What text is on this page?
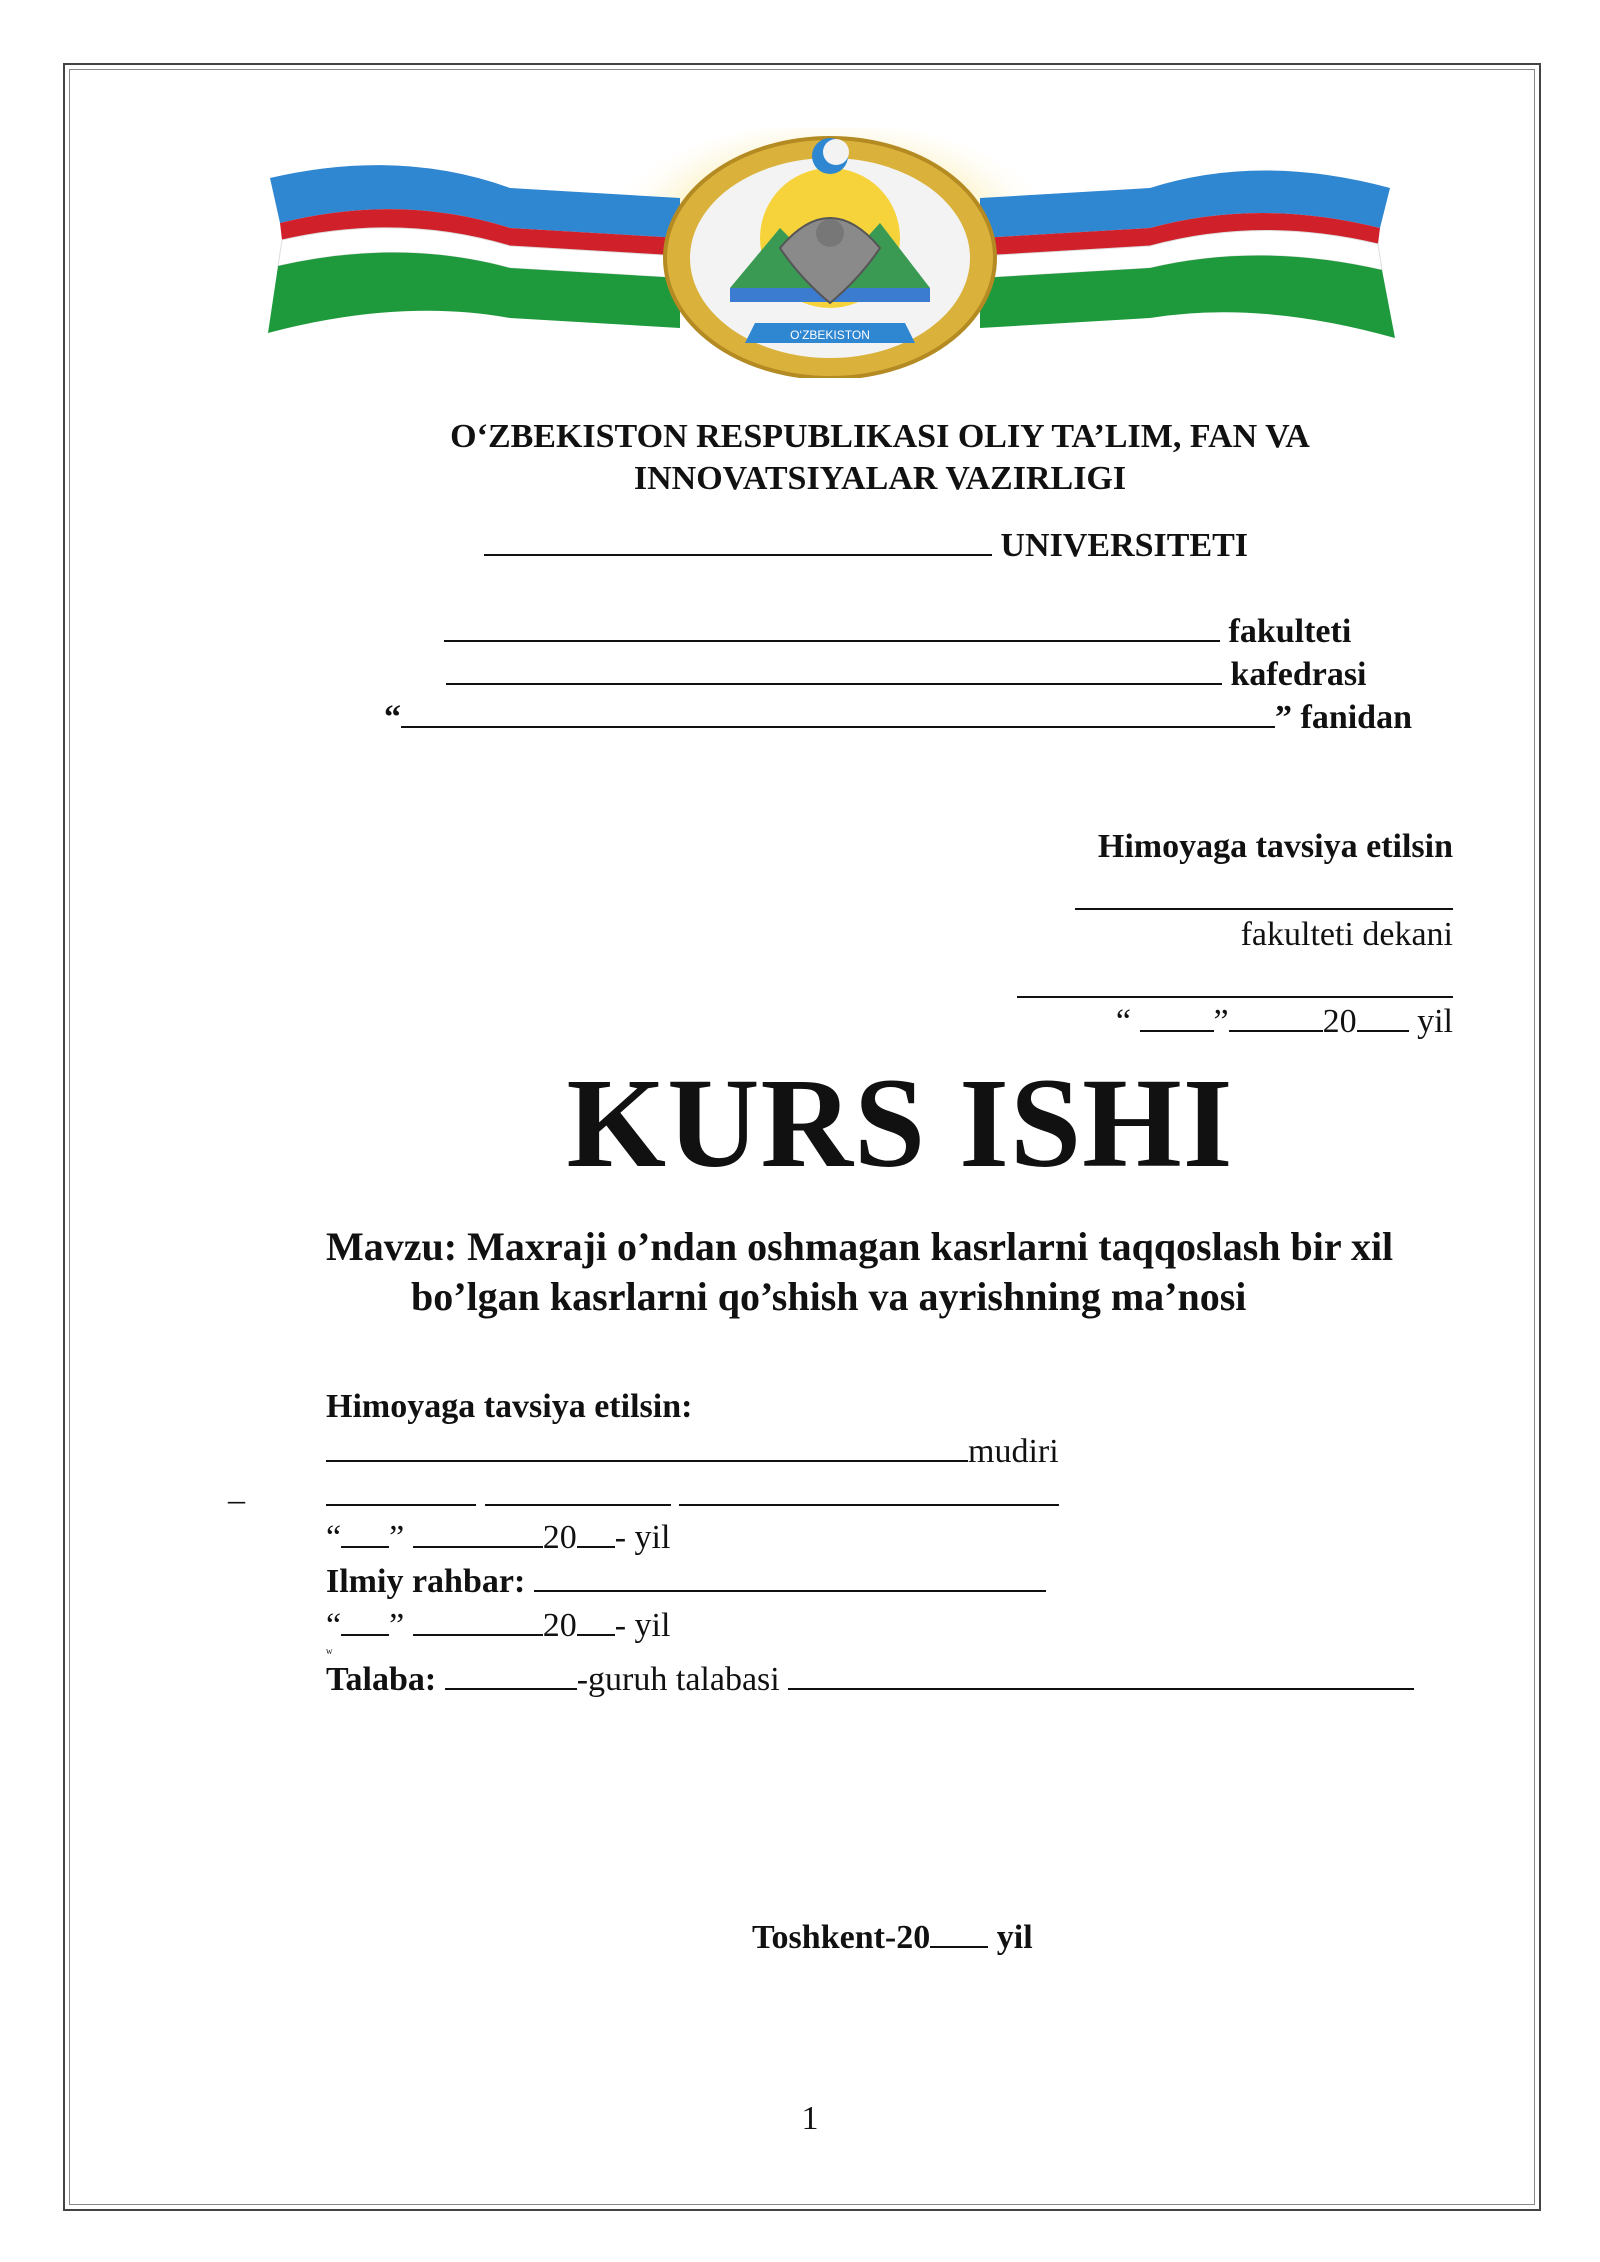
O‘ZBEKISTON
O‘ZBEKISTON RESPUBLIKASI OLIY TA’LIM, FAN VA
INNOVATSIYALAR VAZIRLIGI
UNIVERSITETI
fakulteti
kafedrasi
“	” fanidan
Himoyaga tavsiya etilsin
fakulteti dekani
“ ”	20 yil
KURS ISHI
Mavzu: Maxraji o’ndan oshmagan kasrlarni taqqoslash bir xil
bo’lgan kasrlarni qo’shish va ayrishning ma’nosi
Himoyaga tavsiya etilsin:
mudiri
_

“ ”	20 - yil
Ilmiy rahbar:
“ ”	20 - yil
w
Talaba:	-guruh talabasi
Toshkent-20 yil
1
